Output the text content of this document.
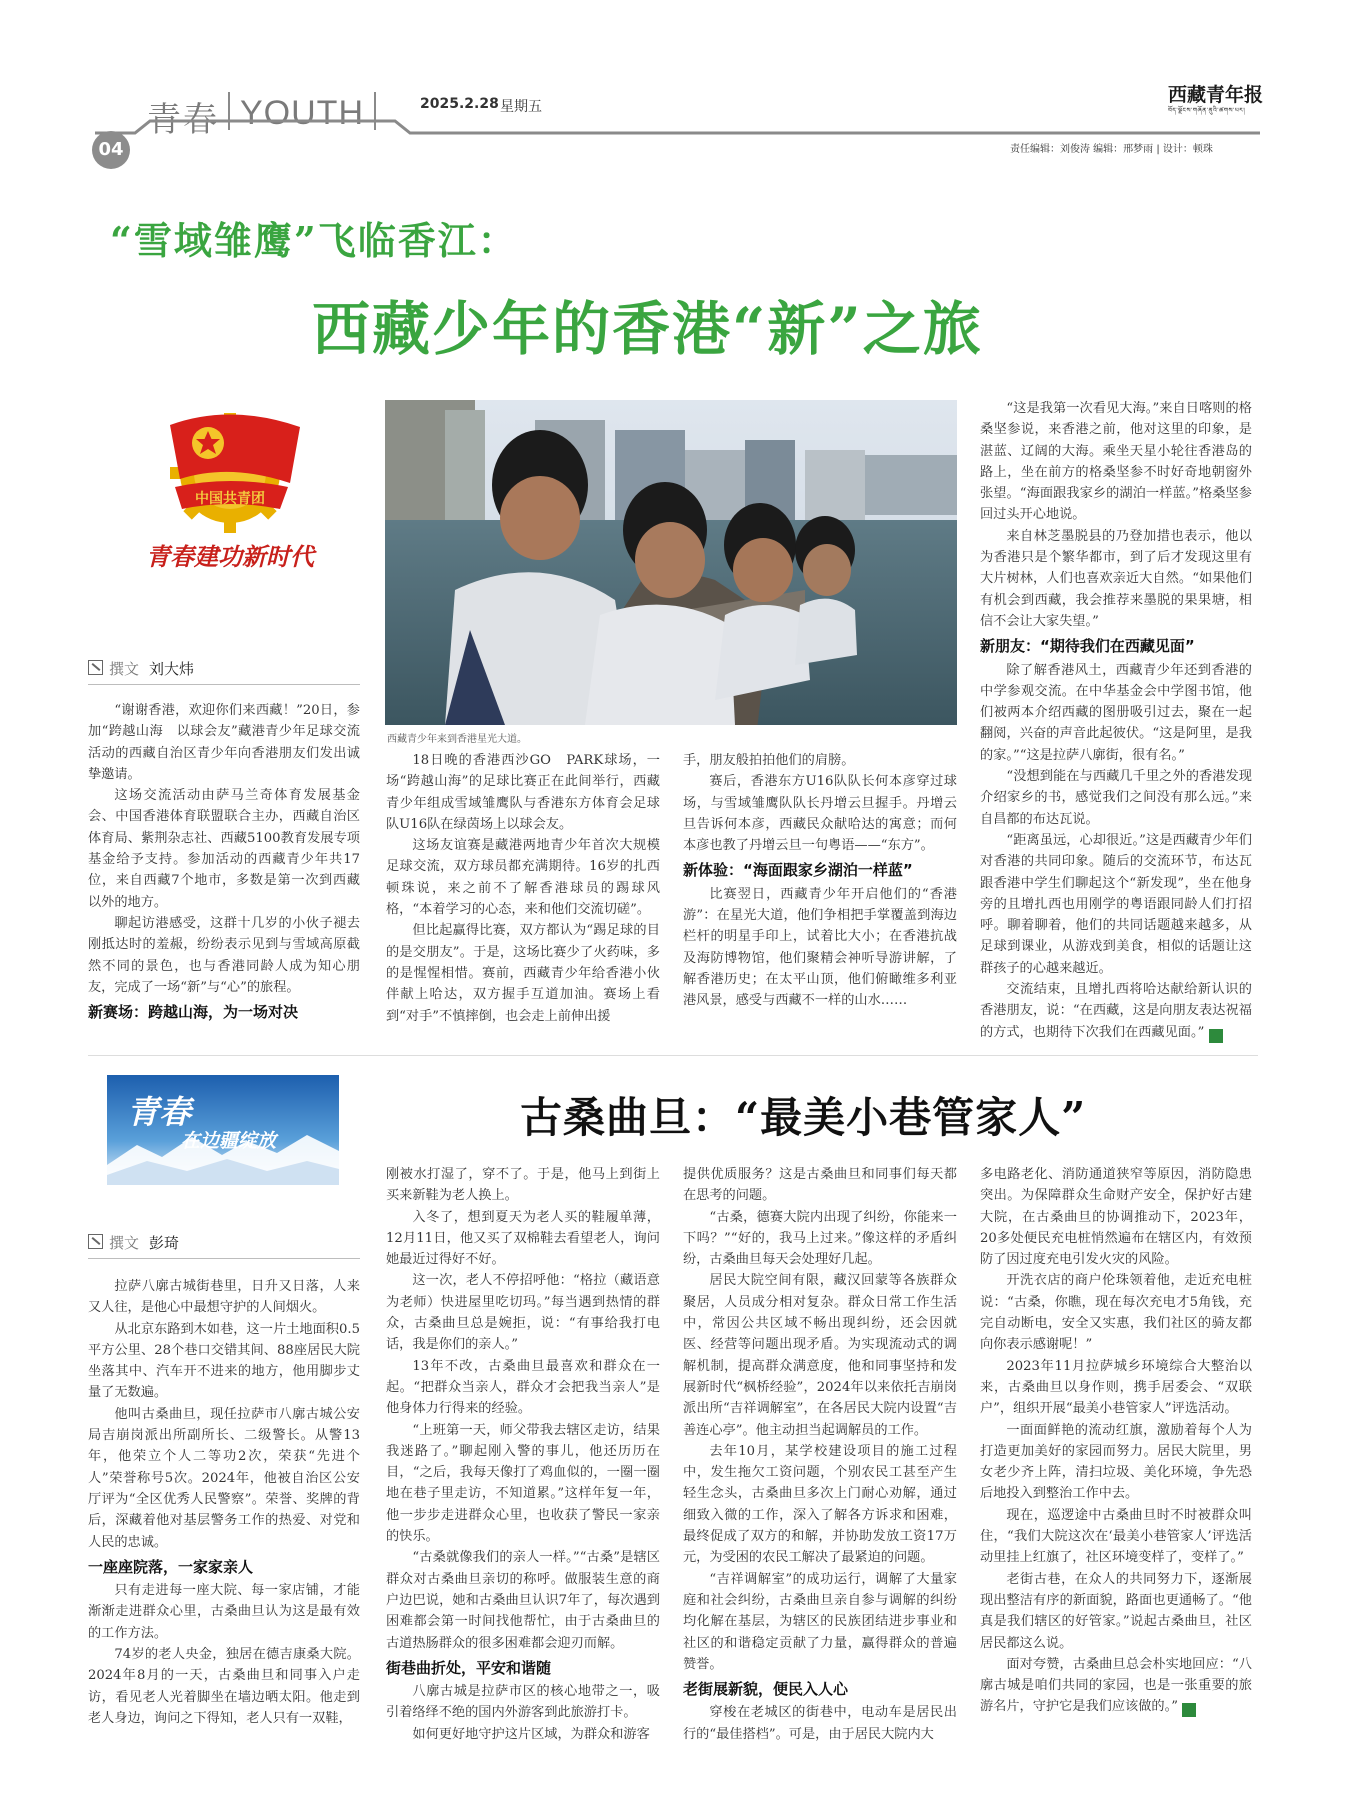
青春 YOUTH	2025.2.28 星期五
西藏青年报
བོད་ལྗོངས་གཞོན་ནུའི་ཚགས་པར།
04	责任编辑：刘俊涛 编辑：邢梦雨 | 设计：顿珠
“雪域雏鹰”飞临香江：
西藏少年的香港“新”之旅
中国共青团
青春建功新时代
撰文 刘大炜
西藏青少年来到香港星光大道。

“谢谢香港，欢迎你们来西藏！”20日，参加“跨越山海　以球会友”藏港青少年足球交流活动的西藏自治区青少年向香港朋友们发出诚挚邀请。

这场交流活动由萨马兰奇体育发展基金会、中国香港体育联盟联合主办，西藏自治区体育局、紫荆杂志社、西藏5100教育发展专项基金给予支持。参加活动的西藏青少年共17位，来自西藏7个地市，多数是第一次到西藏以外的地方。

聊起访港感受，这群十几岁的小伙子褪去刚抵达时的羞赧，纷纷表示见到与雪域高原截然不同的景色，也与香港同龄人成为知心朋友，完成了一场“新”与“心”的旅程。

新赛场：跨越山海，为一场对决

18日晚的香港西沙GO　PARK球场，一场“跨越山海”的足球比赛正在此间举行，西藏青少年组成雪域雏鹰队与香港东方体育会足球队U16队在绿茵场上以球会友。

这场友谊赛是藏港两地青少年首次大规模足球交流，双方球员都充满期待。16岁的扎西顿珠说，来之前不了解香港球员的踢球风格，“本着学习的心态，来和他们交流切磋”。

但比起赢得比赛，双方都认为“踢足球的目的是交朋友”。于是，这场比赛少了火药味，多的是惺惺相惜。赛前，西藏青少年给香港小伙伴献上哈达，双方握手互道加油。赛场上看到“对手”不慎摔倒，也会走上前伸出援

手，朋友般拍拍他们的肩膀。

赛后，香港东方U16队队长何本彦穿过球场，与雪域雏鹰队队长丹增云旦握手。丹增云旦告诉何本彦，西藏民众献哈达的寓意；而何本彦也教了丹增云旦一句粤语——“东方”。

新体验：“海面跟家乡湖泊一样蓝”

比赛翌日，西藏青少年开启他们的“香港游”：在星光大道，他们争相把手掌覆盖到海边栏杆的明星手印上，试着比大小；在香港抗战及海防博物馆，他们聚精会神听导游讲解，了解香港历史；在太平山顶，他们俯瞰维多利亚港风景，感受与西藏不一样的山水……

“这是我第一次看见大海。”来自日喀则的格桑坚参说，来香港之前，他对这里的印象，是湛蓝、辽阔的大海。乘坐天星小轮往香港岛的路上，坐在前方的格桑坚参不时好奇地朝窗外张望。“海面跟我家乡的湖泊一样蓝。”格桑坚参回过头开心地说。

来自林芝墨脱县的乃登加措也表示，他以为香港只是个繁华都市，到了后才发现这里有大片树林，人们也喜欢亲近大自然。“如果他们有机会到西藏，我会推荐来墨脱的果果塘，相信不会让大家失望。”

新朋友：“期待我们在西藏见面”

除了解香港风土，西藏青少年还到香港的中学参观交流。在中华基金会中学图书馆，他们被两本介绍西藏的图册吸引过去，聚在一起翻阅，兴奋的声音此起彼伏。“这是阿里，是我的家。”“这是拉萨八廓街，很有名。”

“没想到能在与西藏几千里之外的香港发现介绍家乡的书，感觉我们之间没有那么远。”来自昌都的布达瓦说。

“距离虽远，心却很近。”这是西藏青少年们对香港的共同印象。随后的交流环节，布达瓦跟香港中学生们聊起这个“新发现”，坐在他身旁的且增扎西也用刚学的粤语跟同龄人们打招呼。聊着聊着，他们的共同话题越来越多，从足球到课业，从游戏到美食，相似的话题让这群孩子的心越来越近。

交流结束，且增扎西将哈达献给新认识的香港朋友，说：“在西藏，这是向朋友表达祝福的方式，也期待下次我们在西藏见面。”	◆

青春
在边疆绽放	古桑曲旦：“最美小巷管家人”
撰文 彭琦

拉萨八廓古城街巷里，日升又日落，人来又人往，是他心中最想守护的人间烟火。

从北京东路到木如巷，这一片土地面积0.5平方公里、28个巷口交错其间、88座居民大院坐落其中、汽车开不进来的地方，他用脚步丈量了无数遍。

他叫古桑曲旦，现任拉萨市八廓古城公安局吉崩岗派出所副所长、二级警长。从警13年，他荣立个人二等功2次，荣获“先进个人”荣誉称号5次。2024年，他被自治区公安厅评为“全区优秀人民警察”。荣誉、奖牌的背后，深藏着他对基层警务工作的热爱、对党和人民的忠诚。

一座座院落，一家家亲人

只有走进每一座大院、每一家店铺，才能渐渐走进群众心里，古桑曲旦认为这是最有效的工作方法。

74岁的老人央金，独居在德吉康桑大院。2024年8月的一天，古桑曲旦和同事入户走访，看见老人光着脚坐在墙边晒太阳。他走到老人身边，询问之下得知，老人只有一双鞋，

刚被水打湿了，穿不了。于是，他马上到街上买来新鞋为老人换上。

入冬了，想到夏天为老人买的鞋履单薄，12月11日，他又买了双棉鞋去看望老人，询问她最近过得好不好。

这一次，老人不停招呼他：“格拉（藏语意为老师）快进屋里吃切玛。”每当遇到热情的群众，古桑曲旦总是婉拒，说：“有事给我打电话，我是你们的亲人。”

13年不改，古桑曲旦最喜欢和群众在一起。“把群众当亲人，群众才会把我当亲人”是他身体力行得来的经验。

“上班第一天，师父带我去辖区走访，结果我迷路了。”聊起刚入警的事儿，他还历历在目，“之后，我每天像打了鸡血似的，一圈一圈地在巷子里走访，不知道累。”这样年复一年，他一步步走进群众心里，也收获了警民一家亲的快乐。

“古桑就像我们的亲人一样。”“古桑”是辖区群众对古桑曲旦亲切的称呼。做服装生意的商户边巴说，她和古桑曲旦认识7年了，每次遇到困难都会第一时间找他帮忙，由于古桑曲旦的古道热肠群众的很多困难都会迎刃而解。

街巷曲折处，平安和谐随

八廓古城是拉萨市区的核心地带之一，吸引着络绎不绝的国内外游客到此旅游打卡。

如何更好地守护这片区域，为群众和游客

提供优质服务？这是古桑曲旦和同事们每天都在思考的问题。

“古桑，德赛大院内出现了纠纷，你能来一下吗？”“好的，我马上过来。”像这样的矛盾纠纷，古桑曲旦每天会处理好几起。

居民大院空间有限，藏汉回蒙等各族群众聚居，人员成分相对复杂。群众日常工作生活中，常因公共区域不畅出现纠纷，还会因就医、经营等问题出现矛盾。为实现流动式的调解机制，提高群众满意度，他和同事坚持和发展新时代“枫桥经验”，2024年以来依托吉崩岗派出所“吉祥调解室”，在各居民大院内设置“吉善连心亭”。他主动担当起调解员的工作。

去年10月，某学校建设项目的施工过程中，发生拖欠工资问题，个别农民工甚至产生轻生念头，古桑曲旦多次上门耐心劝解，通过细致入微的工作，深入了解各方诉求和困难，最终促成了双方的和解，并协助发放工资17万元，为受困的农民工解决了最紧迫的问题。

“吉祥调解室”的成功运行，调解了大量家庭和社会纠纷，古桑曲旦亲自参与调解的纠纷均化解在基层，为辖区的民族团结进步事业和社区的和谐稳定贡献了力量，赢得群众的普遍赞誉。

老街展新貌，便民入人心

穿梭在老城区的街巷中，电动车是居民出行的“最佳搭档”。可是，由于居民大院内大

多电路老化、消防通道狭窄等原因，消防隐患突出。为保障群众生命财产安全，保护好古建大院，在古桑曲旦的协调推动下，2023年，20多处便民充电桩悄然遍布在辖区内，有效预防了因过度充电引发火灾的风险。

开洗衣店的商户伦珠领着他，走近充电桩说：“古桑，你瞧，现在每次充电才5角钱，充完自动断电，安全又实惠，我们社区的骑友都向你表示感谢呢！”

2023年11月拉萨城乡环境综合大整治以来，古桑曲旦以身作则，携手居委会、“双联户”，组织开展“最美小巷管家人”评选活动。

一面面鲜艳的流动红旗，激励着每个人为打造更加美好的家园而努力。居民大院里，男女老少齐上阵，清扫垃圾、美化环境，争先恐后地投入到整治工作中去。

现在，巡逻途中古桑曲旦时不时被群众叫住，“我们大院这次在‘最美小巷管家人’评选活动里挂上红旗了，社区环境变样了，变样了。”

老街古巷，在众人的共同努力下，逐渐展现出整洁有序的新面貌，路面也更通畅了。“他真是我们辖区的好管家。”说起古桑曲旦，社区居民都这么说。

面对夸赞，古桑曲旦总会朴实地回应：“八廓古城是咱们共同的家园，也是一张重要的旅游名片，守护它是我们应该做的。”	◆
